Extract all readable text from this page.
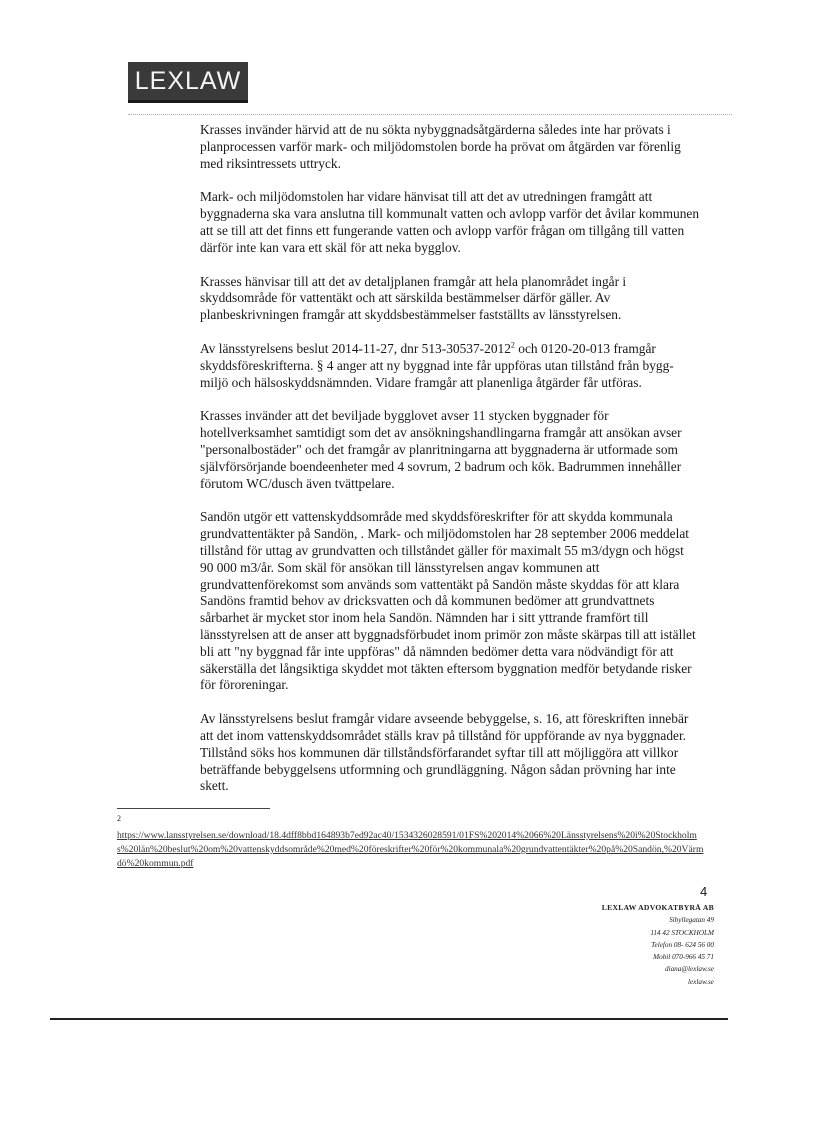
LEXLAW

Krasses invänder härvid att de nu sökta nybyggnadsåtgärderna således inte har prövats i planprocessen varför mark- och miljödomstolen borde ha prövat om åtgärden var förenlig med riksintressets uttryck.

Mark- och miljödomstolen har vidare hänvisat till att det av utredningen framgått att byggnaderna ska vara anslutna till kommunalt vatten och avlopp varför det åvilar kommunen att se till att det finns ett fungerande vatten och avlopp varför frågan om tillgång till vatten därför inte kan vara ett skäl för att neka bygglov.

Krasses hänvisar till att det av detaljplanen framgår att hela planområdet ingår i skyddsområde för vattentäkt och att särskilda bestämmelser därför gäller. Av planbeskrivningen framgår att skyddsbestämmelser fastställts av länsstyrelsen.

Av länsstyrelsens beslut 2014-11-27, dnr 513-30537-2012$^2$ och 0120-20-013 framgår skyddsföreskrifterna. § 4 anger att ny byggnad inte får uppföras utan tillstånd från bygg- miljö och hälsoskyddsnämnden. Vidare framgår att planenliga åtgärder får utföras.

Krasses invänder att det beviljade bygglovet avser 11 stycken byggnader för hotellverksamhet samtidigt som det av ansökningshandlingarna framgår att ansökan avser "personalbostäder" och det framgår av planritningarna att byggnaderna är utformade som självförsörjande boendeenheter med 4 sovrum, 2 badrum och kök. Badrummen innehåller förutom WC/dusch även tvättpelare.

Sandön utgör ett vattenskyddsområde med skyddsföreskrifter för att skydda kommunala grundvattentäkter på Sandön, . Mark- och miljödomstolen har 28 september 2006 meddelat tillstånd för uttag av grundvatten och tillståndet gäller för maximalt 55 m3/dygn och högst 90 000 m3/år. Som skäl för ansökan till länsstyrelsen angav kommunen att grundvattenförekomst som används som vattentäkt på Sandön måste skyddas för att klara Sandöns framtid behov av dricksvatten och då kommunen bedömer att grundvattnets sårbarhet är mycket stor inom hela Sandön. Nämnden har i sitt yttrande framfört till länsstyrelsen att de anser att byggnadsförbudet inom primör zon måste skärpas till att istället bli att "ny byggnad får inte uppföras" då nämnden bedömer detta vara nödvändigt för att säkerställa det långsiktiga skyddet mot täkten eftersom byggnation medför betydande risker för föroreningar.

Av länsstyrelsens beslut framgår vidare avseende bebyggelse, s. 16, att föreskriften innebär att det inom vattenskyddsområdet ställs krav på tillstånd för uppförande av nya byggnader. Tillstånd söks hos kommunen där tillståndsförfarandet syftar till att möjliggöra att villkor beträffande bebyggelsens utformning och grundläggning. Någon sådan prövning har inte skett.

2
https://www.lansstyrelsen.se/download/18.4dff8bbd164893b7ed92ac40/1534326028591/01FS%202014%2066%20Länsstyrelsens%20i%20Stockholms%20län%20beslut%20om%20vattenskyddsområde%20med%20föreskrifter%20för%20kommunala%20grundvattentäkter%20på%20Sandön,%20Värmdö%20kommun.pdf
4
LEXLAW ADVOKATBYRÅ AB
Sibyllegatan 49
114 42 STOCKHOLM
Telefon 08- 624 56 00
Mobil 070-966 45 71
diana@lexlaw.se
lexlaw.se
